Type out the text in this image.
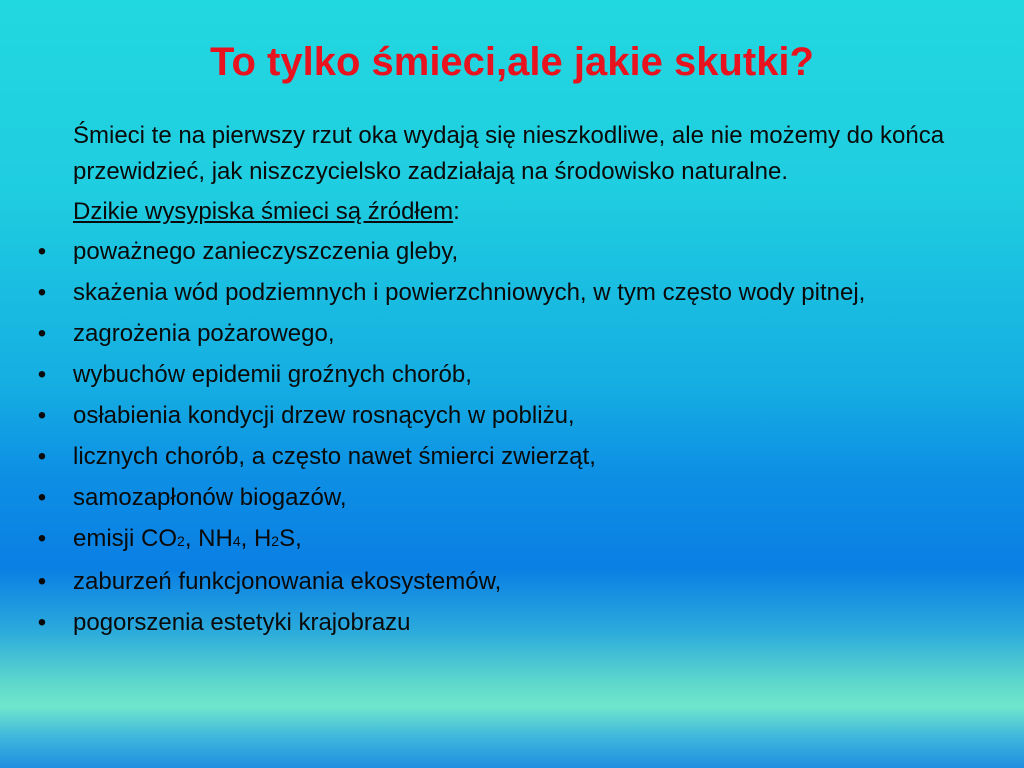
To tylko śmieci,ale jakie skutki?

Śmieci te na pierwszy rzut oka wydają się nieszkodliwe, ale nie możemy do końca przewidzieć, jak niszczycielsko zadziałają na środowisko naturalne.

Dzikie wysypiska śmieci są źródłem:

• poważnego zanieczyszczenia gleby,
• skażenia wód podziemnych i powierzchniowych, w tym często wody pitnej,
• zagrożenia pożarowego,
• wybuchów epidemii groźnych chorób,
• osłabienia kondycji drzew rosnących w pobliżu,
• licznych chorób, a często nawet śmierci zwierząt,
• samozapłonów biogazów,
• emisji CO2, NH4, H2S,
• zaburzeń funkcjonowania ekosystemów,
• pogorszenia estetyki krajobrazu
